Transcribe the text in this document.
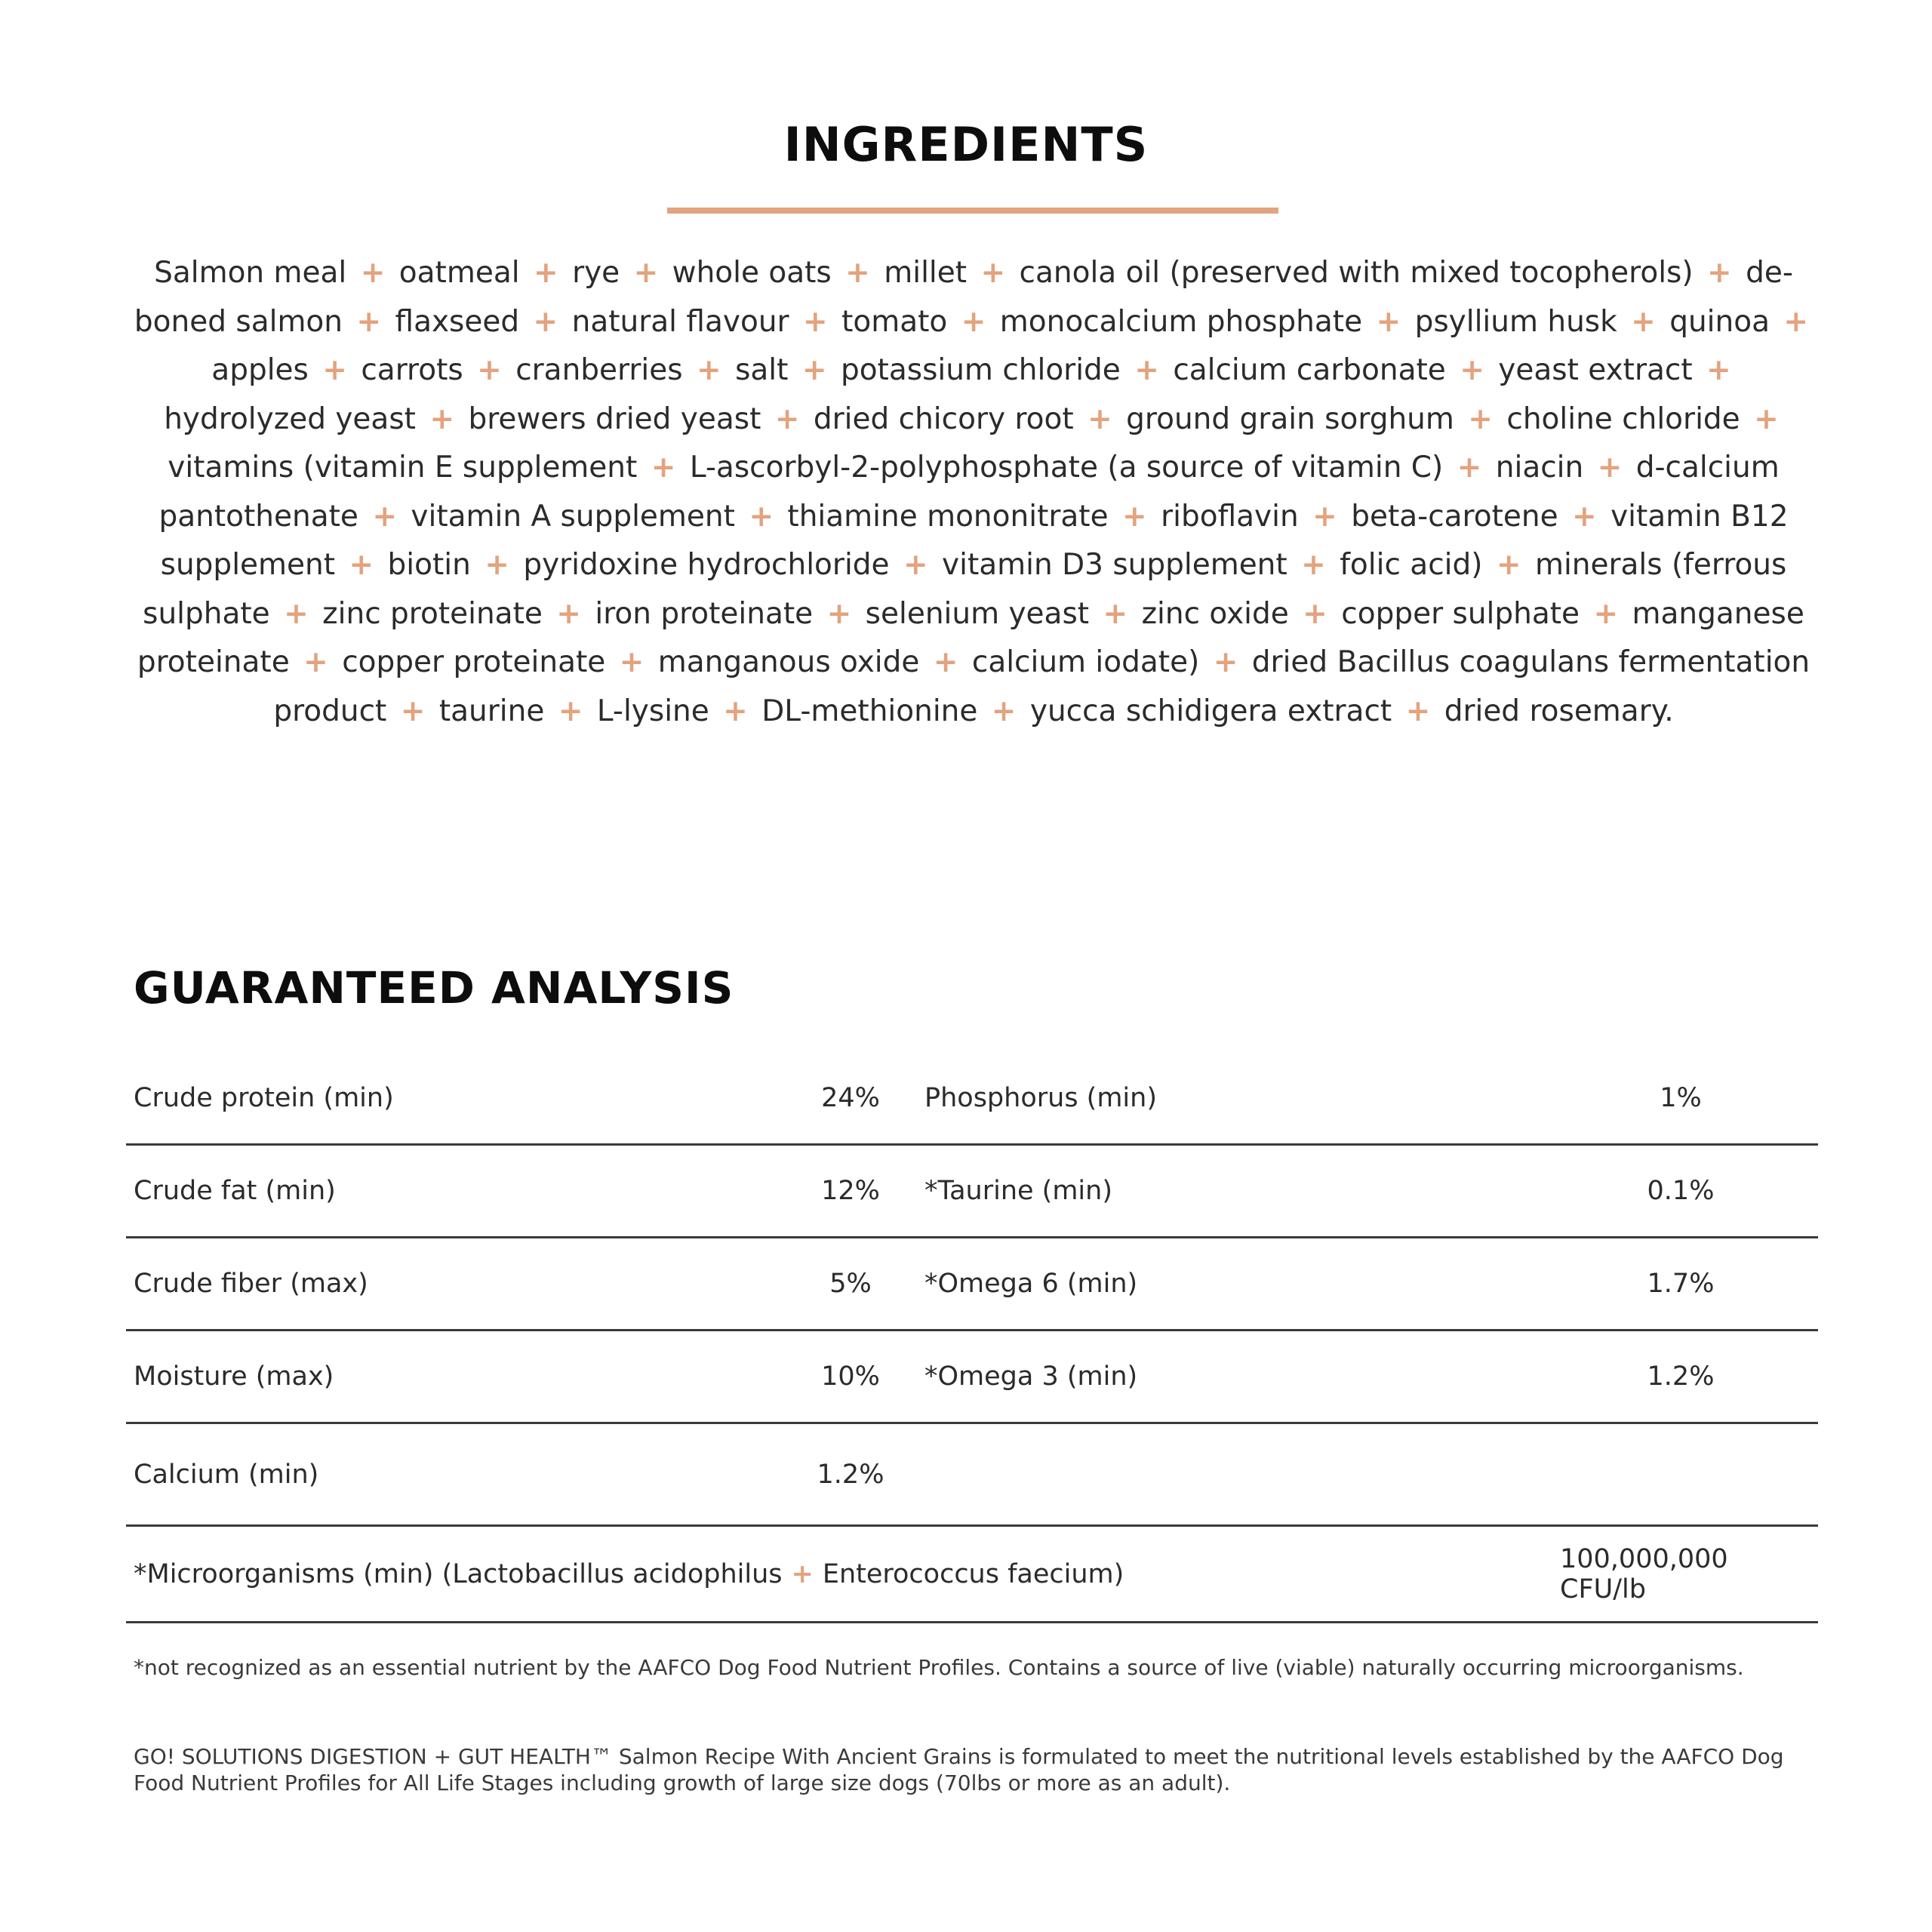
INGREDIENTS
Salmon meal + oatmeal + rye + whole oats + millet + canola oil (preserved with mixed tocopherols) + de-boned salmon + flaxseed + natural flavour + tomato + monocalcium phosphate + psyllium husk + quinoa + apples + carrots + cranberries + salt + potassium chloride + calcium carbonate + yeast extract + hydrolyzed yeast + brewers dried yeast + dried chicory root + ground grain sorghum + choline chloride + vitamins (vitamin E supplement + L-ascorbyl-2-polyphosphate (a source of vitamin C) + niacin + d-calcium pantothenate + vitamin A supplement + thiamine mononitrate + riboflavin + beta-carotene + vitamin B12 supplement + biotin + pyridoxine hydrochloride + vitamin D3 supplement + folic acid) + minerals (ferrous sulphate + zinc proteinate + iron proteinate + selenium yeast + zinc oxide + copper sulphate + manganese proteinate + copper proteinate + manganous oxide + calcium iodate) + dried Bacillus coagulans fermentation product + taurine + L-lysine + DL-methionine + yucca schidigera extract + dried rosemary.
GUARANTEED ANALYSIS
Crude protein (min)	24%	Phosphorus (min)	1%
Crude fat (min)	12%	*Taurine (min)	0.1%
Crude fiber (max)	5%	*Omega 6 (min)	1.7%
Moisture (max)	10%	*Omega 3 (min)	1.2%
Calcium (min)	1.2%
*Microorganisms (min) (Lactobacillus acidophilus + Enterococcus faecium)	100,000,000 CFU/lb
*not recognized as an essential nutrient by the AAFCO Dog Food Nutrient Profiles. Contains a source of live (viable) naturally occurring microorganisms.
GO! SOLUTIONS DIGESTION + GUT HEALTH™ Salmon Recipe With Ancient Grains is formulated to meet the nutritional levels established by the AAFCO Dog Food Nutrient Profiles for All Life Stages including growth of large size dogs (70lbs or more as an adult).
